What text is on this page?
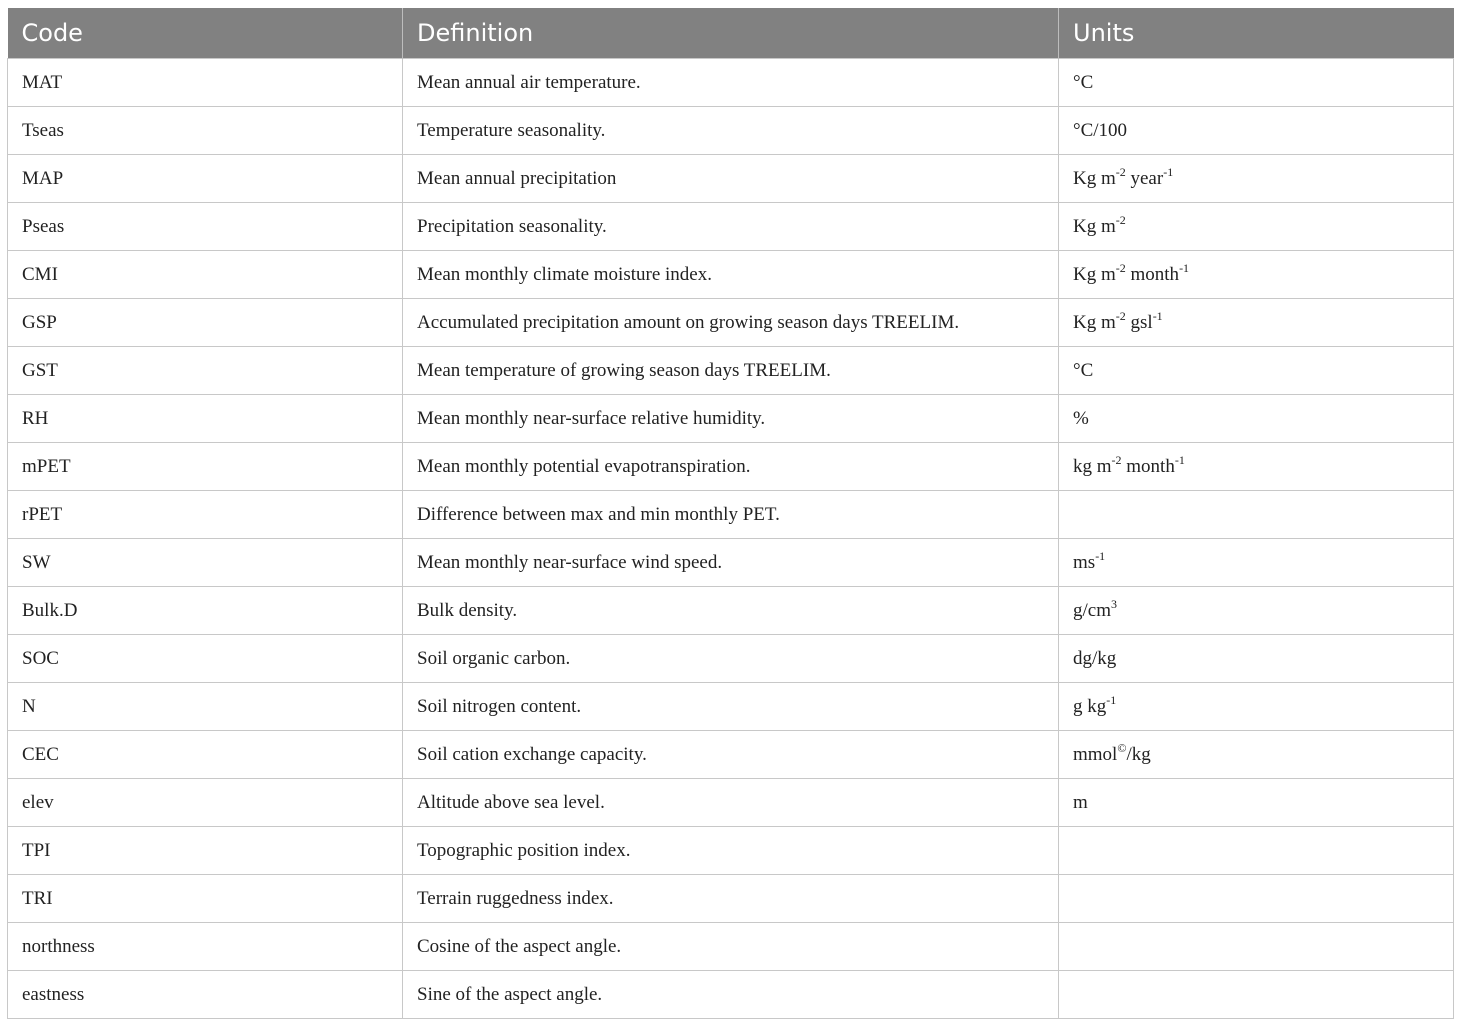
Code	Definition	Units
MAT	Mean annual air temperature.	°C
Tseas	Temperature seasonality.	°C/100
MAP	Mean annual precipitation	Kg $m^{-2}$ year$^{-1}$
Pseas	Precipitation seasonality.	Kg $m^{-2}$
CMI	Mean monthly climate moisture index.	Kg $m^{-2}$ month$^{-1}$
GSP	Accumulated precipitation amount on growing season days TREELIM.	Kg $m^{-2}$ gsl$^{-1}$
GST	Mean temperature of growing season days TREELIM.	°C
RH	Mean monthly near-surface relative humidity.	%
mPET	Mean monthly potential evapotranspiration.	kg $m^{-2}$ month$^{-1}$
rPET	Difference between max and min monthly PET.	
SW	Mean monthly near-surface wind speed.	$ms^{-1}$
Bulk.D	Bulk density.	$g/cm^3$
SOC	Soil organic carbon.	dg/kg
N	Soil nitrogen content.	g $kg^{-1}$
CEC	Soil cation exchange capacity.	mmol©/kg
elev	Altitude above sea level.	m
TPI	Topographic position index.	
TRI	Terrain ruggedness index.	
northness	Cosine of the aspect angle.	
eastness	Sine of the aspect angle.	
